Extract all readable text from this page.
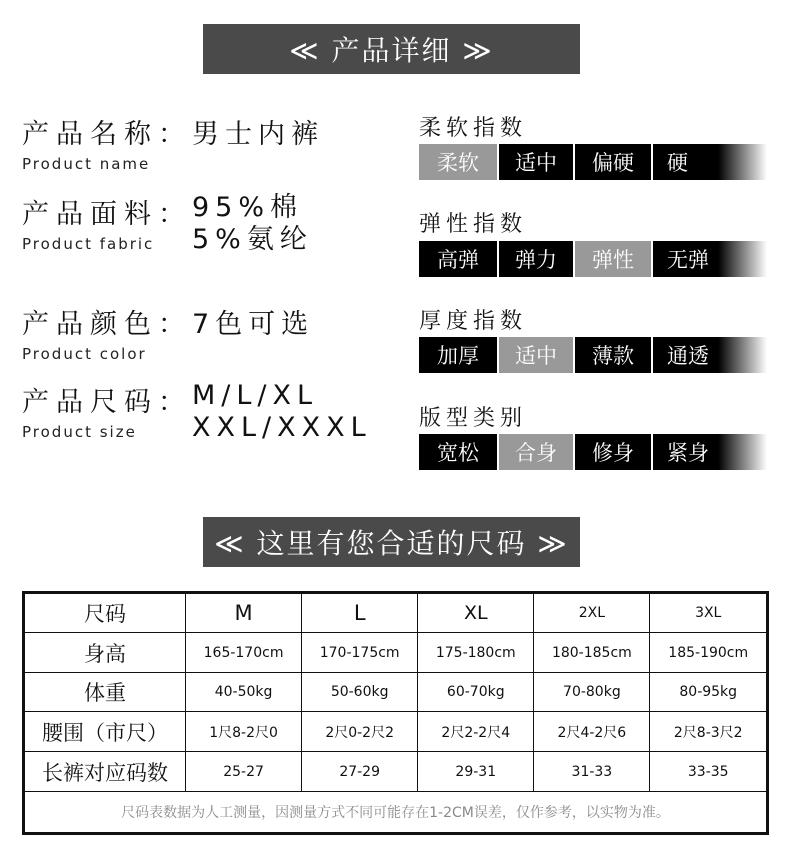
≪ 产品详细 ≫
产品名称：
Product name
男士内裤
产品面料：
Product fabric
95%棉
5%氨纶
产品颜色：
Product color
7色可选
产品尺码：
Product size
M/L/XL
XXL/XXXL
柔软指数
柔软	适中	偏硬	硬
弹性指数
高弹	弹力	弹性	无弹
厚度指数
加厚	适中	薄款	通透
版型类别
宽松	合身	修身	紧身
≪ 这里有您合适的尺码 ≫
尺码	M	L	XL	2XL	3XL
身高	165-170cm	170-175cm	175-180cm	180-185cm	185-190cm
体重	40-50kg	50-60kg	60-70kg	70-80kg	80-95kg
腰围（市尺）	1尺8-2尺0	2尺0-2尺2	2尺2-2尺4	2尺4-2尺6	2尺8-3尺2
长裤对应码数	25-27	27-29	29-31	31-33	33-35
尺码表数据为人工测量，因测量方式不同可能存在1-2CM误差，仅作参考，以实物为准。					
